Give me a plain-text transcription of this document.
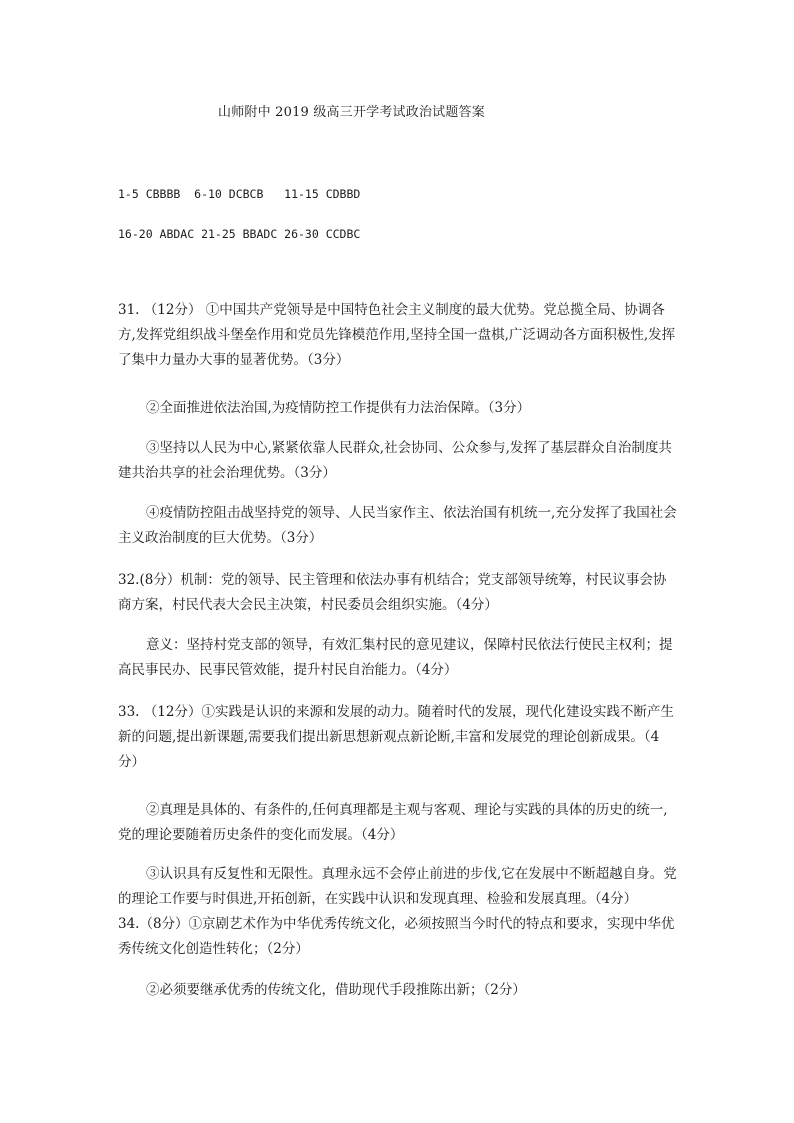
山师附中 2019 级高三开学考试政治试题答案
1-5 CBBBB  6-10 DCBCB   11-15 CDBBD
16-20 ABDAC 21-25 BBADC 26-30 CCDBC
31. （12分） ①中国共产党领导是中国特色社会主义制度的最大优势。党总揽全局、协调各方,发挥党组织战斗堡垒作用和党员先锋模范作用,坚持全国一盘棋,广泛调动各方面积极性,发挥了集中力量办大事的显著优势。（3分）
②全面推进依法治国,为疫情防控工作提供有力法治保障。（3分）
③坚持以人民为中心,紧紧依靠人民群众,社会协同、公众参与,发挥了基层群众自治制度共建共治共享的社会治理优势。（3分）
④疫情防控阻击战坚持党的领导、人民当家作主、依法治国有机统一,充分发挥了我国社会主义政治制度的巨大优势。（3分）
32.(8分）机制：党的领导、民主管理和依法办事有机结合；党支部领导统筹，村民议事会协商方案，村民代表大会民主决策，村民委员会组织实施。（4分）
意义：坚持村党支部的领导，有效汇集村民的意见建议，保障村民依法行使民主权利；提高民事民办、民事民管效能，提升村民自治能力。（4分）
33. （12分）①实践是认识的来源和发展的动力。随着时代的发展，现代化建设实践不断产生新的问题,提出新课题,需要我们提出新思想新观点新论断,丰富和发展党的理论创新成果。（4分）
②真理是具体的、有条件的,任何真理都是主观与客观、理论与实践的具体的历史的统一,党的理论要随着历史条件的变化而发展。（4分）
③认识具有反复性和无限性。真理永远不会停止前进的步伐,它在发展中不断超越自身。党的理论工作要与时俱进,开拓创新，在实践中认识和发现真理、检验和发展真理。（4分）
34.（8分）①京剧艺术作为中华优秀传统文化，必须按照当今时代的特点和要求，实现中华优秀传统文化创造性转化；（2分）
②必须要继承优秀的传统文化，借助现代手段推陈出新；（2分）
